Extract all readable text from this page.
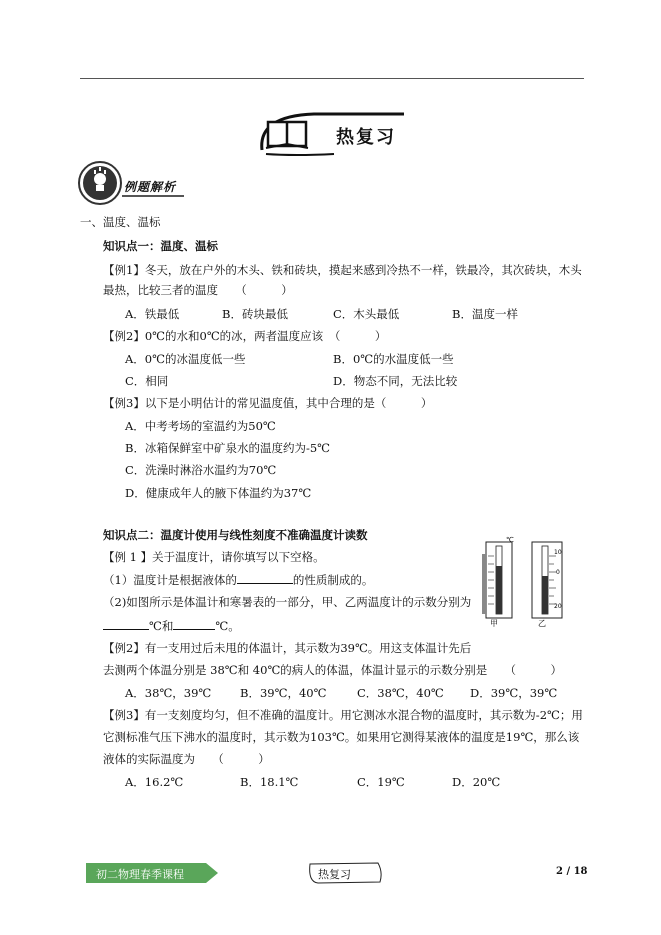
热复习
例题解析
一、温度、温标
知识点一：温度、温标
【例1】冬天，放在户外的木头、铁和砖块，摸起来感到冷热不一样，铁最冷，其次砖块，木头
最热，比较三者的温度　　（　　　）
A．铁最低	B．砖块最低	C．木头最低	B．温度一样
【例2】0℃的水和0℃的冰，两者温度应该　（　　　）
A．0℃的冰温度低一些	B．0℃的水温度低一些
C．相同	D．物态不同，无法比较
【例3】以下是小明估计的常见温度值，其中合理的是（　　　）
A．中考考场的室温约为50℃
B．冰箱保鲜室中矿泉水的温度约为-5℃
C．洗澡时淋浴水温约为70℃
D．健康成年人的腋下体温约为37℃
知识点二：温度计使用与线性刻度不准确温度计读数
【例 1 】关于温度计，请你填写以下空格。
（1）温度计是根据液体的	的性质制成的。
（2)如图所示是体温计和寒暑表的一部分，甲、乙两温度计的示数分别为
℃和	℃。
℃
甲
10
0
20
乙
【例2】有一支用过后未甩的体温计，其示数为39℃。用这支体温计先后
去测两个体温分别是 38℃和 40℃的病人的体温，体温计显示的示数分别是　　（　　　）
A．38℃，39℃ B．39℃，40℃	C．38℃，40℃ D．39℃，39℃
【例3】有一支刻度均匀，但不准确的温度计。用它测冰水混合物的温度时，其示数为-2℃；用
它测标准气压下沸水的温度时，其示数为103℃。如果用它测得某液体的温度是19℃，那么该
液体的实际温度为　　（　　　）
A．16.2℃	B．18.1℃	C．19℃	D．20℃
初二物理春季课程	热复习	2 / 18
